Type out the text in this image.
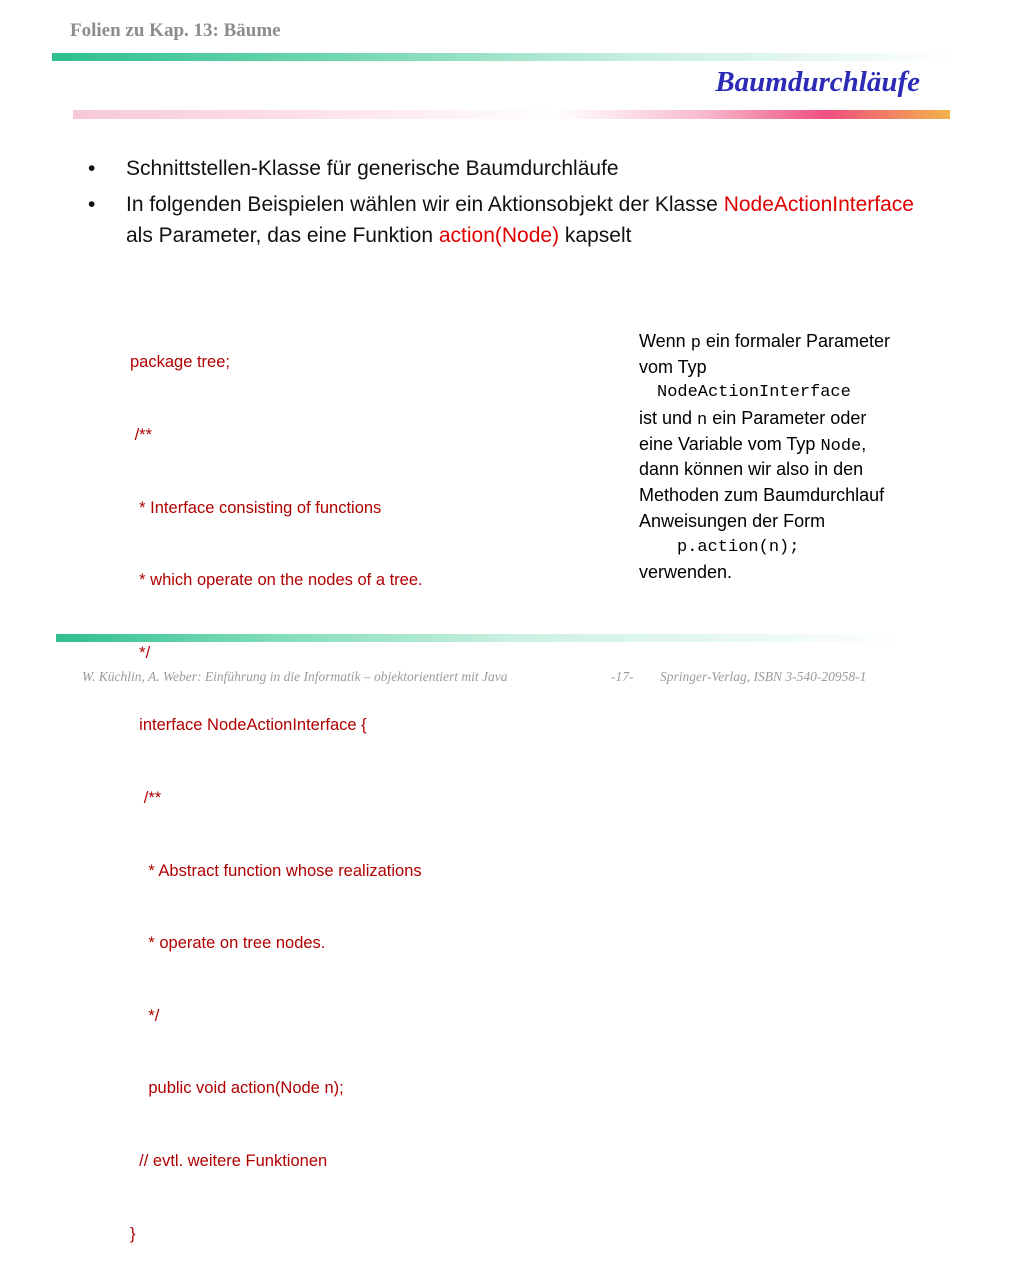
Folien zu Kap. 13: Bäume
Baumdurchläufe
• Schnittstellen-Klasse für generische Baumdurchläufe
• In folgenden Beispielen wählen wir ein Aktionsobjekt der Klasse NodeActionInterface als Parameter, das eine Funktion action(Node) kapselt

package tree;

/**

* Interface consisting of functions

* which operate on the nodes of a tree.

*/

interface NodeActionInterface {

/**

* Abstract function whose realizations

* operate on tree nodes.

*/

public void action(Node n);

// evtl. weitere Funktionen

}

Wenn p ein formaler Parameter
vom Typ
NodeActionInterface
ist und n ein Parameter oder
eine Variable vom Typ Node,
dann können wir also in den
Methoden zum Baumdurchlauf
Anweisungen der Form
p.action(n);
verwenden.
W. Küchlin, A. Weber: Einführung in die Informatik – objektorientiert mit Java	-17- Springer-Verlag, ISBN 3-540-20958-1
